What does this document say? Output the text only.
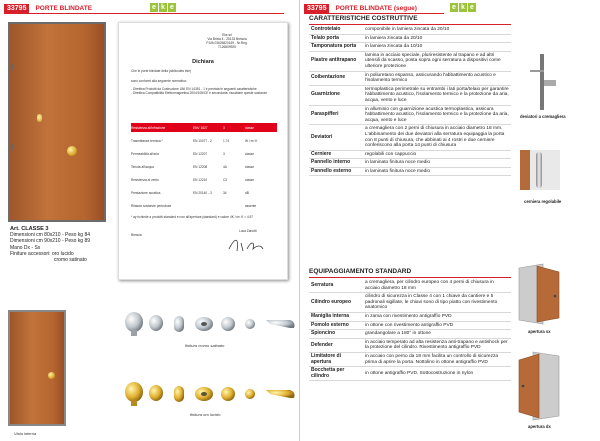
33795	PORTE BLINDATE	e k e
Eke srl
Via Brixia 4 - 25133 Brescia
P.IVA 03626820169 - Nr.Reg. T126809925
Dichiara
Che le porte blindate della (sibilcodes eke)
sono conformi alla seguente normativa:
- Direttiva Prodotti da Costruzione UNI EN 14351 - 1 è prevista le seguenti caratteristiche
- Direttiva Compatibilità Elettromagnetica 2004/108/CE è secondaria: riscaldare queste sostanze
Resistenza all'infrazione	ENV 1627	3	classe
Trasmittanza termica *	EN 10077 - 2	1,74	W / m² K
Permeabilità all'aria	EN 12207	3	classe
Tenuta all'acqua	EN 12208	4A	classe
Resistenza al vento	EN 12210	C3	classe
Prestazione acustica	EN 20140 - 3	34	dB
Rilascio sostanze pericolose	assente
* ay richiede a prodotti standard e non all'apertura (standard) e valore 4K / m² K = 4.97
Brescia
Luca Zanotti
Art. CLASSE 3
Dimensioni cm 80x210 - Peso kg 84
Dimensioni cm 90x210 - Peso kg 89
Mano Dx - Sx
Finiture accessori: oro lucido
cromo satinato
Vista interna
finitura cromo satinato
finitura oro lucido
33795	PORTE BLINDATE (segue)	e k e
CARATTERISTICHE COSTRUTTIVE
Controtelaio	componibile in lamiera zincata da 20/10
Telaio porta	in lamiera zincata da 20/10
Tamponatura porta	in lamiera zincata da 10/10
Piastre antitrapano	lamina in acciaio speciale, pluriresistente al trapano e ad altri utensili da scasso, posta sopra ogni serratura a dispositivi come ulteriore protezione
Coibentazione	in poliuretano espanso, assicurando l'abbattimento acustico e l'isolamento termico
Guarnizione	termoplastica perimetrale su entrambi i lati porta/telaio per garantire l'abbattimento acustico, l'isolamento termico e la protezione da aria, acqua, vento e luce
Paraspifferi	in alluminio con guarnizione acustica termoplastica, assicura l'abbattimento acustico, l'isolamento termico e la protezione da aria, acqua, vento e luce
Deviatori	a cremagliera con 2 perni di chiusura in acciaio diametro 18 mm. L'abbinamento dei due deviatori alla serratura equipaggia la porta con 8 punti di chiusura, che abbinati ai 4 rostri e due cerniere conferiscono alla porta 14 punti di chiusura
Cerniere	regolabili con cappuccio
Pannello interno	in laminato finitura noce medio
Pannello esterno	in laminato finitura noce medio
EQUIPAGGIAMENTO STANDARD
Serratura	a cremagliera, per cilindro europeo con 4 perni di chiusura in acciaio diametro 18 mm
Cilindro europeo	cilindro di sicurezza in Classe 4 con 1 chiave da cantiere e 5 padronali sigillate, le chiavi sono di tipo piatto con rivestimento anatomico
Maniglia interna	in zama con rivestimento antigraffio PVD
Pomolo esterno	in ottone con rivestimento antigraffio PVD
Spioncino	grandangolare a 180° in ottone
Defender	in acciaio temperato ad alta resistenza anti-trapano e antishock per la protezione del cilindro. Rivestimento antigraffio PVD
Limitatore di apertura	in acciaio con perno da 18 mm facilita un controllo di sicurezza prima di aprire la porta. Nottolino in ottone antigraffio PVD
Bocchetta per cilindro	in ottone antigraffio PVD. Sottocostruzione in nylon
deviatori a cremagliera
cerniera regolabile
apertura sx
apertura dx
